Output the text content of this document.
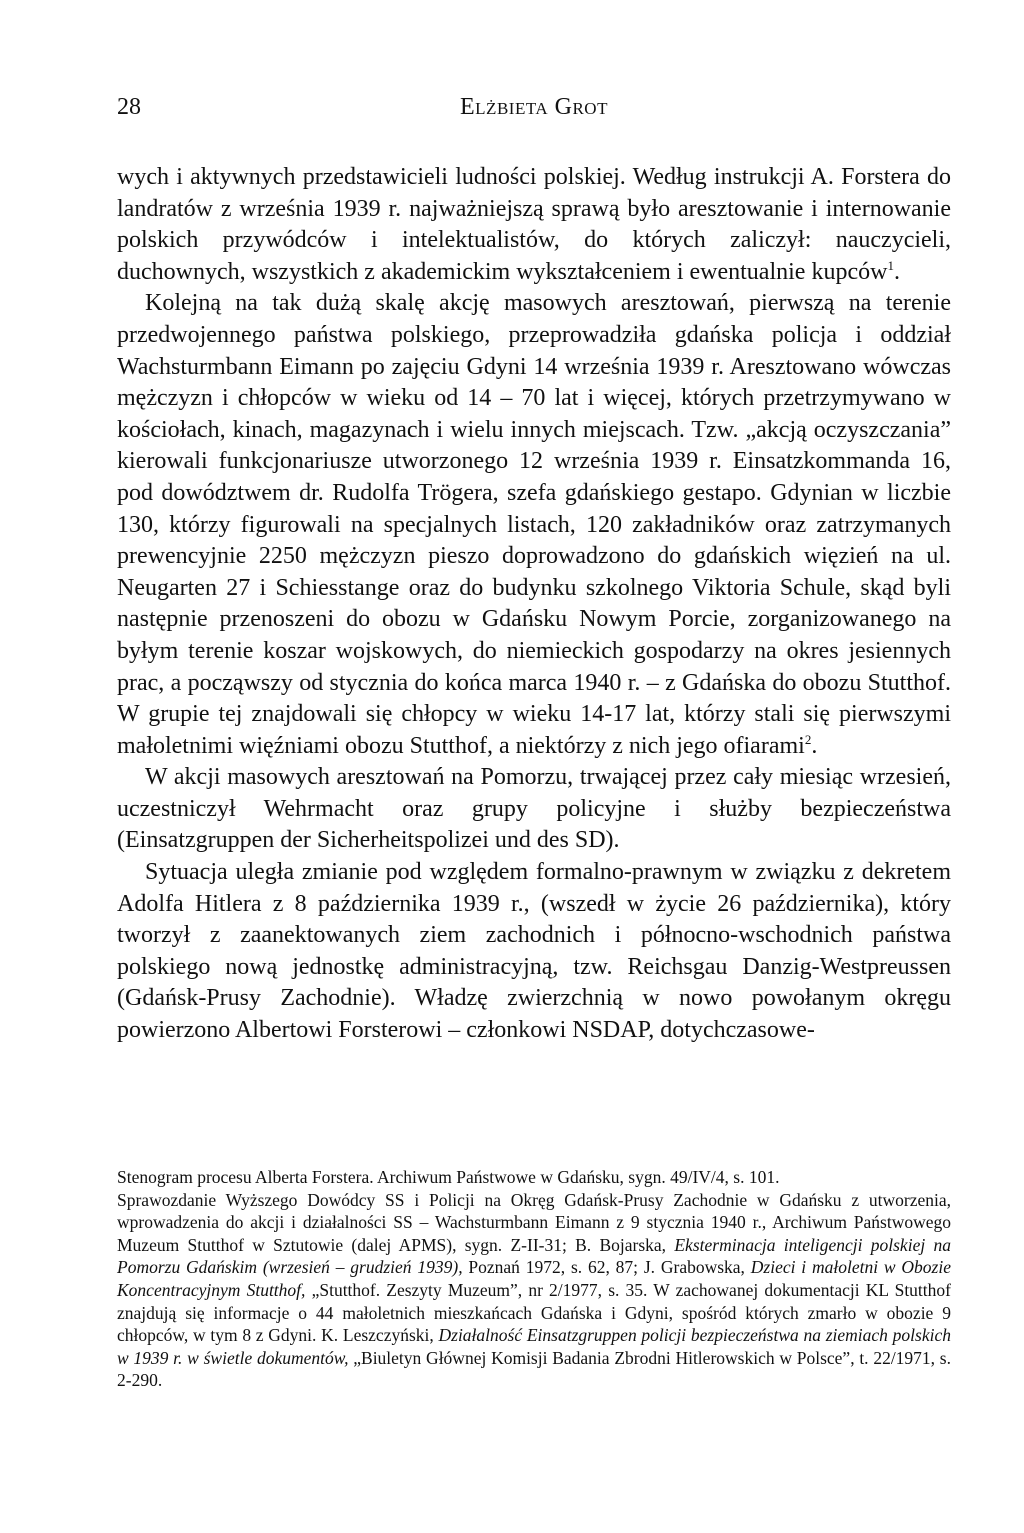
28	Elżbieta Grot

wych i aktywnych przedstawicieli ludności polskiej. Według instrukcji A. Forstera do landratów z września 1939 r. najważniejszą sprawą było aresztowanie i internowanie polskich przywódców i intelektualistów, do których zaliczył: nauczycieli, duchownych, wszystkich z akademickim wykształceniem i ewentualnie kupców$^1$.

Kolejną na tak dużą skalę akcję masowych aresztowań, pierwszą na terenie przedwojennego państwa polskiego, przeprowadziła gdańska policja i oddział Wachsturmbann Eimann po zajęciu Gdyni 14 września 1939 r. Aresztowano wówczas mężczyzn i chłopców w wieku od 14 – 70 lat i więcej, których przetrzymywano w kościołach, kinach, magazynach i wielu innych miejscach. Tzw. „akcją oczyszczania” kierowali funkcjonariusze utworzonego 12 września 1939 r. Einsatzkommanda 16, pod dowództwem dr. Rudolfa Trögera, szefa gdańskiego gestapo. Gdynian w liczbie 130, którzy figurowali na specjalnych listach, 120 zakładników oraz zatrzymanych prewencyjnie 2250 mężczyzn pieszo doprowadzono do gdańskich więzień na ul. Neugarten 27 i Schiesstange oraz do budynku szkolnego Viktoria Schule, skąd byli następnie przenoszeni do obozu w Gdańsku Nowym Porcie, zorganizowanego na byłym terenie koszar wojskowych, do niemieckich gospodarzy na okres jesiennych prac, a począwszy od stycznia do końca marca 1940 r. – z Gdańska do obozu Stutthof. W grupie tej znajdowali się chłopcy w wieku 14-17 lat, którzy stali się pierwszymi małoletnimi więźniami obozu Stutthof, a niektórzy z nich jego ofiarami$^2$.

W akcji masowych aresztowań na Pomorzu, trwającej przez cały miesiąc wrzesień, uczestniczył Wehrmacht oraz grupy policyjne i służby bezpieczeństwa (Einsatzgruppen der Sicherheitspolizei und des SD).

Sytuacja uległa zmianie pod względem formalno-prawnym w związku z dekretem Adolfa Hitlera z 8 października 1939 r., (wszedł w życie 26 października), który tworzył z zaanektowanych ziem zachodnich i północno-wschodnich państwa polskiego nową jednostkę administracyjną, tzw. Reichsgau Danzig-Westpreussen (Gdańsk-Prusy Zachodnie). Władzę zwierzchnią w nowo powołanym okręgu powierzono Albertowi Forsterowi – członkowi NSDAP, dotychczasowe-

Stenogram procesu Alberta Forstera. Archiwum Państwowe w Gdańsku, sygn. 49/IV/4, s. 101.

Sprawozdanie Wyższego Dowódcy SS i Policji na Okręg Gdańsk-Prusy Zachodnie w Gdańsku z utworzenia, wprowadzenia do akcji i działalności SS – Wachsturmbann Eimann z 9 stycznia 1940 r., Archiwum Państwowego Muzeum Stutthof w Sztutowie (dalej APMS), sygn. Z-II-31; B. Bojarska, Eksterminacja inteligencji polskiej na Pomorzu Gdańskim (wrzesień – grudzień 1939), Poznań 1972, s. 62, 87; J. Grabowska, Dzieci i małoletni w Obozie Koncentracyjnym Stutthof, „Stutthof. Zeszyty Muzeum”, nr 2/1977, s. 35. W zachowanej dokumentacji KL Stutthof znajdują się informacje o 44 małoletnich mieszkańcach Gdańska i Gdyni, spośród których zmarło w obozie 9 chłopców, w tym 8 z Gdyni. K. Leszczyński, Działalność Einsatzgruppen policji bezpieczeństwa na ziemiach polskich w 1939 r. w świetle dokumentów, „Biuletyn Głównej Komisji Badania Zbrodni Hitlerowskich w Polsce”, t. 22/1971, s. 2-290.
